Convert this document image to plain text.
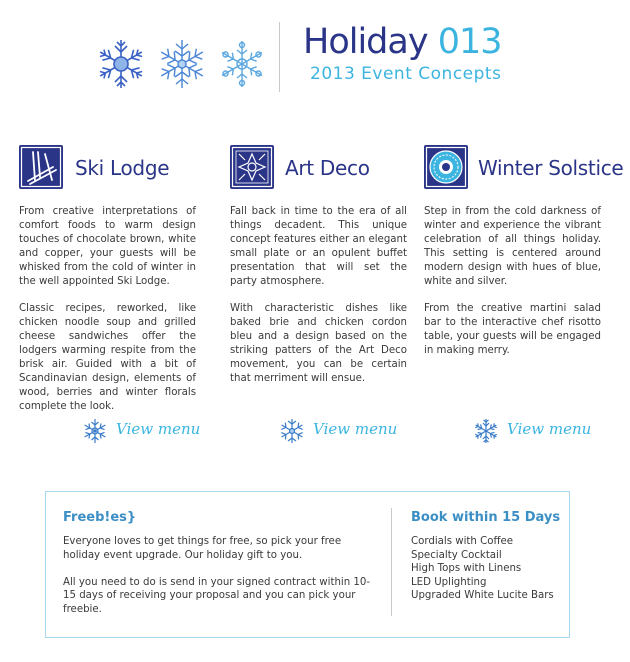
Holiday 013
2013 Event Concepts
Ski Lodge

From creative interpretations of comfort foods to warm design touches of chocolate brown, white and copper, your guests will be whisked from the cold of winter in the well appointed Ski Lodge.

Classic recipes, reworked, like chicken noodle soup and grilled cheese sandwiches offer the lodgers warming respite from the brisk air. Guided with a bit of Scandinavian design, elements of wood, berries and winter florals complete the look.

Art Deco

Fall back in time to the era of all things decadent. This unique concept features either an elegant small plate or an opulent buffet presentation that will set the party atmosphere.

With characteristic dishes like baked brie and chicken cordon bleu and a design based on the striking patters of the Art Deco movement, you can be certain that merriment will ensue.

Winter Solstice

Step in from the cold darkness of winter and experience the vibrant celebration of all things holiday. This setting is centered around modern design with hues of blue, white and silver.

From the creative martini salad bar to the interactive chef risotto table, your guests will be engaged in making merry.

View menu	View menu	View menu
Freeb!es}

Everyone loves to get things for free, so pick your free holiday event upgrade. Our holiday gift to you.

All you need to do is send in your signed contract within 10-15 days of receiving your proposal and you can pick your freebie.

Book within 15 Days
Cordials with Coffee
Specialty Cocktail
High Tops with Linens
LED Uplighting
Upgraded White Lucite Bars
